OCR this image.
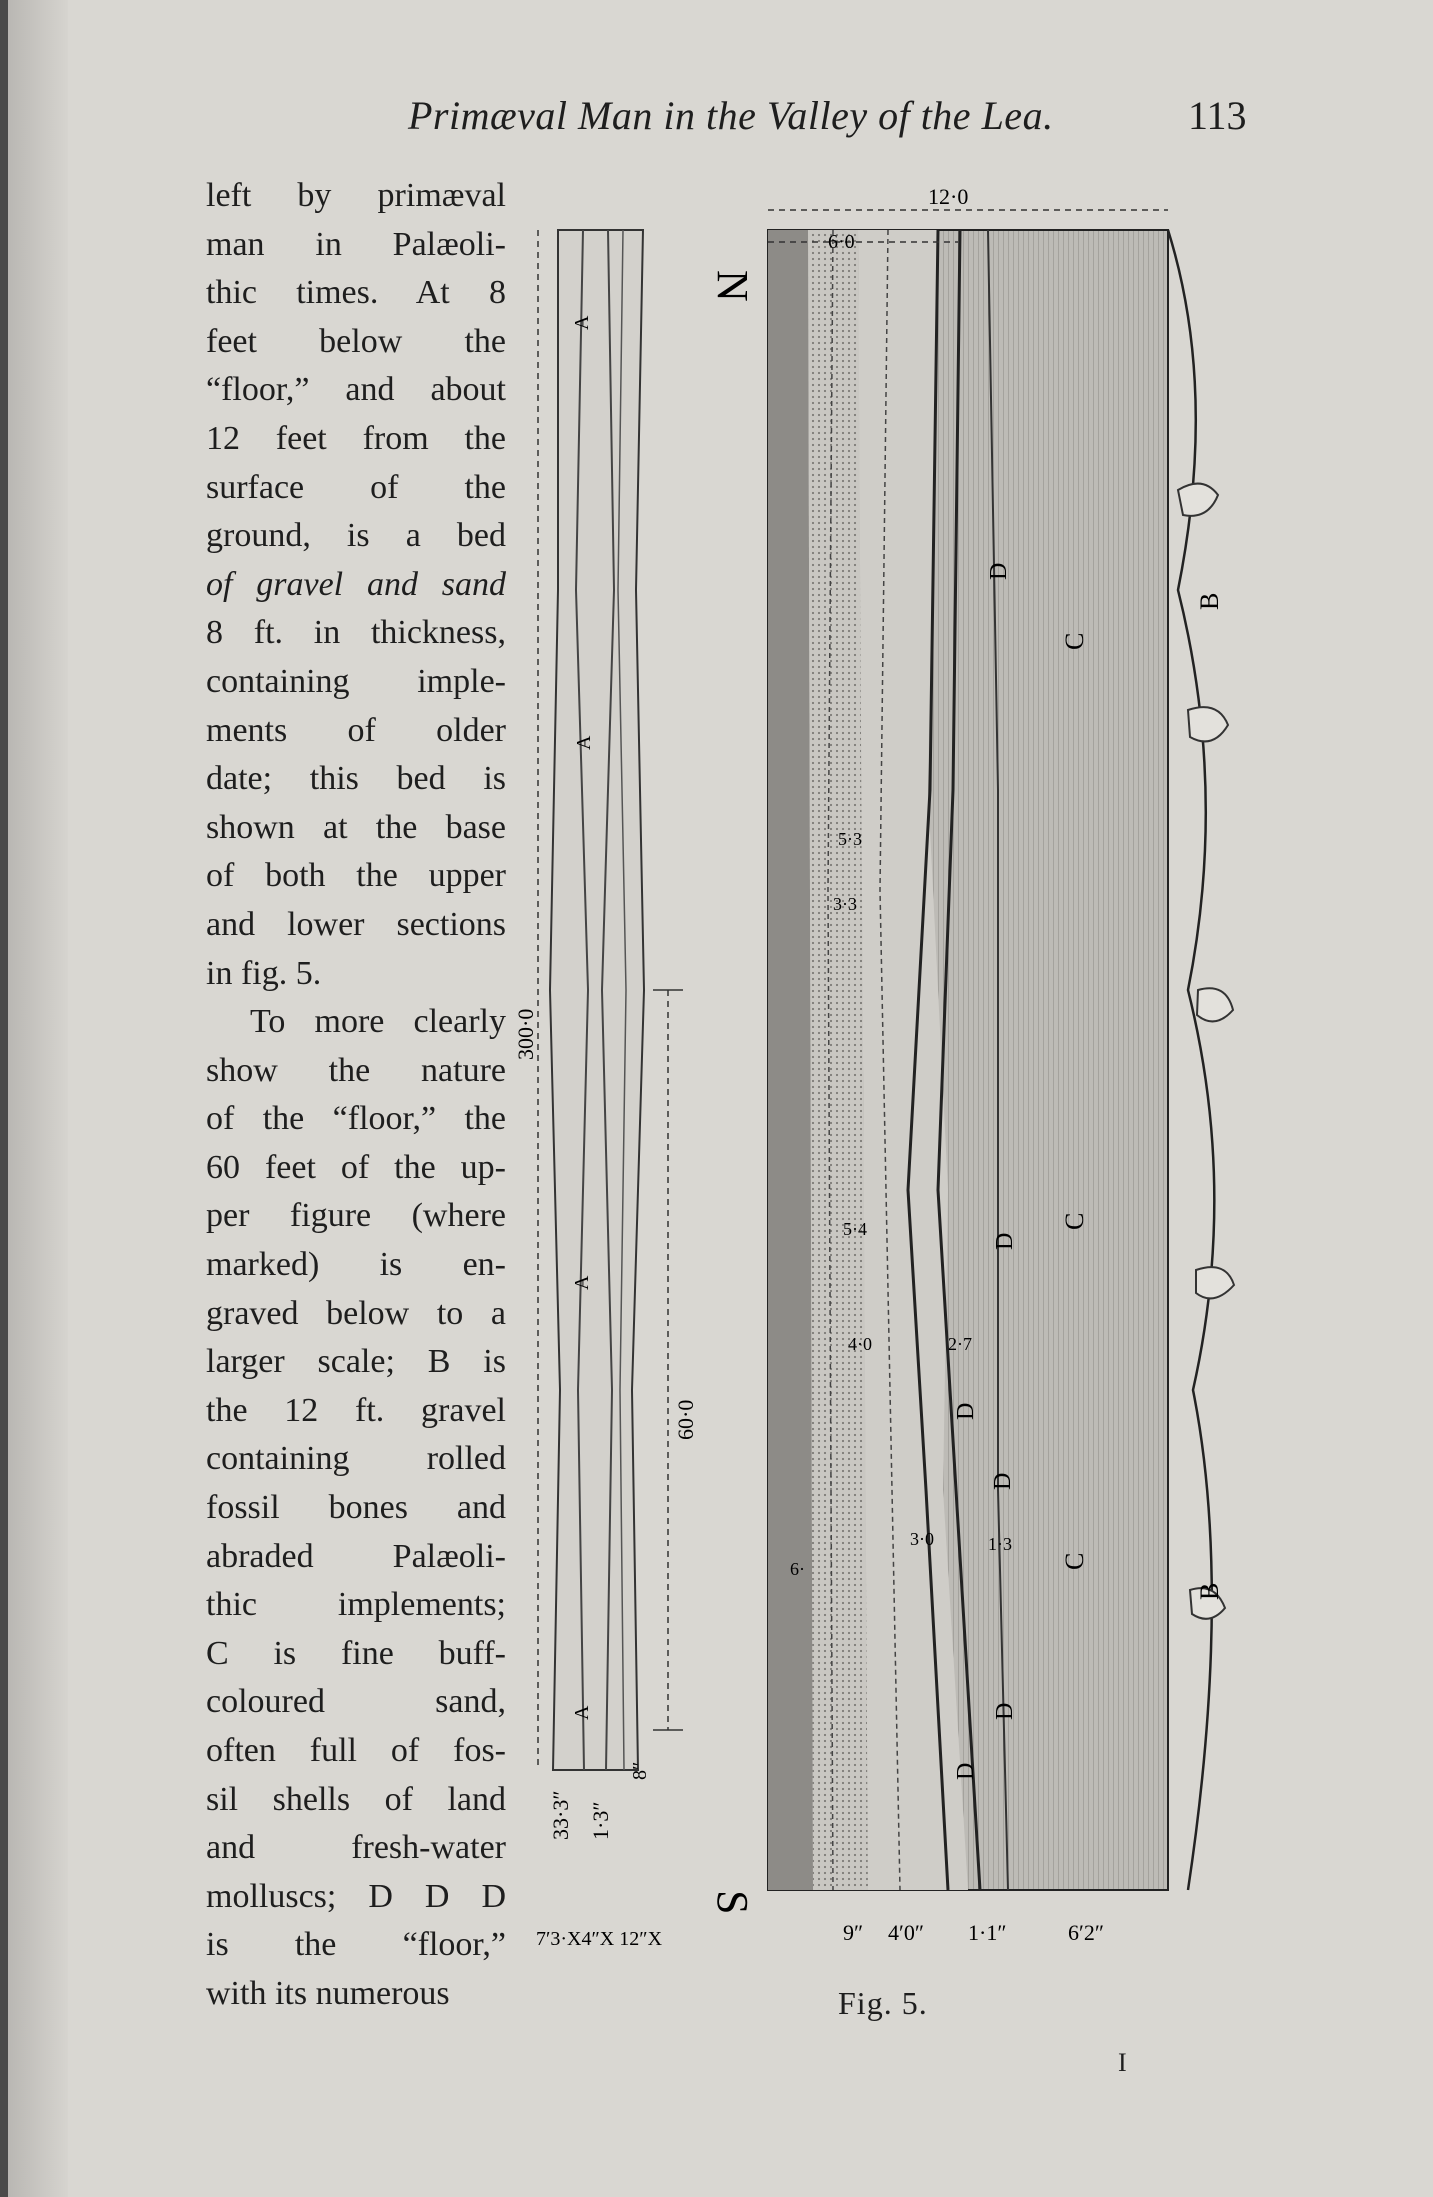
Primæval Man in the Valley of the Lea.	113
left by primæval
man in Palæoli-
thic times. At 8
feet below the
“floor,” and about
12 feet from the
surface of the
ground, is a bed
of gravel and sand
8 ft. in thickness,
containing imple-
ments of older
date; this bed is
shown at the base
of both the upper
and lower sections
in fig. 5.
To more clearly
show the nature
of the “floor,” the
60 feet of the up-
per figure (where
marked) is en-
graved below to a
larger scale; B is
the 12 ft. gravel
containing rolled
fossil bones and
abraded Palæoli-
thic implements;
C is fine buff-
coloured sand,
often full of fos-
sil shells of land
and fresh-water
molluscs; D D D
is the “floor,”
with its numerous
N
S
300·0
60·0
A
A
A
A
33·3″ 1·3″
8″
7′3·X4″X 12″X
12·0
6·0
5·3
3·3
5·4
4·0	2·7
3·0	1·3
6·
B
B
C
C
C
D
D
D
D
D
D
9″ 4′0″ 1·1″	6′2″
Fig. 5.
I
